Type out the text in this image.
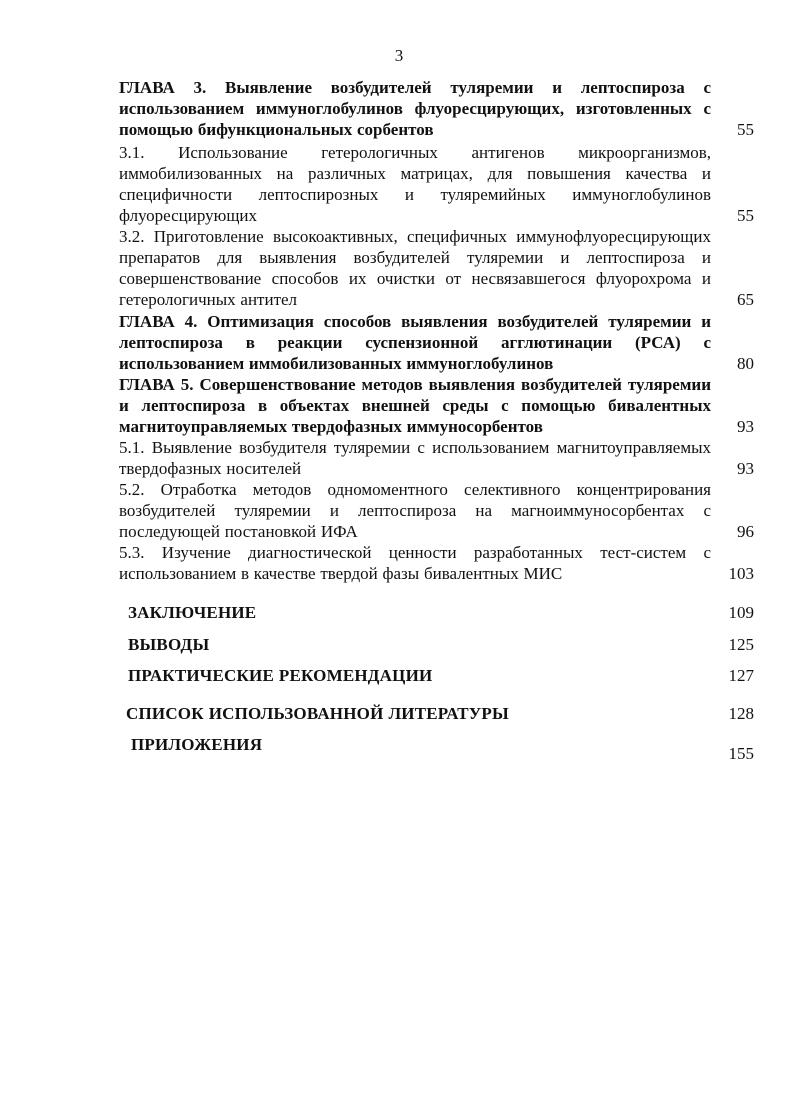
3
ГЛАВА 3. Выявление возбудителей туляремии и лептоспироза с использованием иммуноглобулинов флуоресцирующих, изготовленных с помощью бифункциональных сорбентов	55
3.1. Использование гетерологичных антигенов микроорганизмов, иммобилизованных на различных матрицах, для повышения качества и специфичности лептоспирозных и туляремийных иммуноглобулинов флуоресцирующих	55
3.2. Приготовление высокоактивных, специфичных иммунофлуоресцирующих препаратов для выявления возбудителей туляремии и лептоспироза и совершенствование способов их очистки от несвязавшегося флуорохрома и гетерологичных антител	65
ГЛАВА 4. Оптимизация способов выявления возбудителей туляремии и лептоспироза в реакции суспензионной агглютинации (РСА) с использованием иммобилизованных иммуноглобулинов	80
ГЛАВА 5. Совершенствование методов выявления возбудителей туляремии и лептоспироза в объектах внешней среды с помощью бивалентных магнитоуправляемых твердофазных иммуносорбентов	93
5.1. Выявление возбудителя туляремии с использованием магнитоуправляемых твердофазных носителей	93
5.2. Отработка методов одномоментного селективного концентрирования возбудителей туляремии и лептоспироза на магноиммуносорбентах с последующей постановкой ИФА	96
5.3. Изучение диагностической ценности разработанных тест-систем с использованием в качестве твердой фазы бивалентных МИС	103
ЗАКЛЮЧЕНИЕ	109
ВЫВОДЫ	125
ПРАКТИЧЕСКИЕ РЕКОМЕНДАЦИИ	127
СПИСОК ИСПОЛЬЗОВАННОЙ ЛИТЕРАТУРЫ	128
ПРИЛОЖЕНИЯ	155
